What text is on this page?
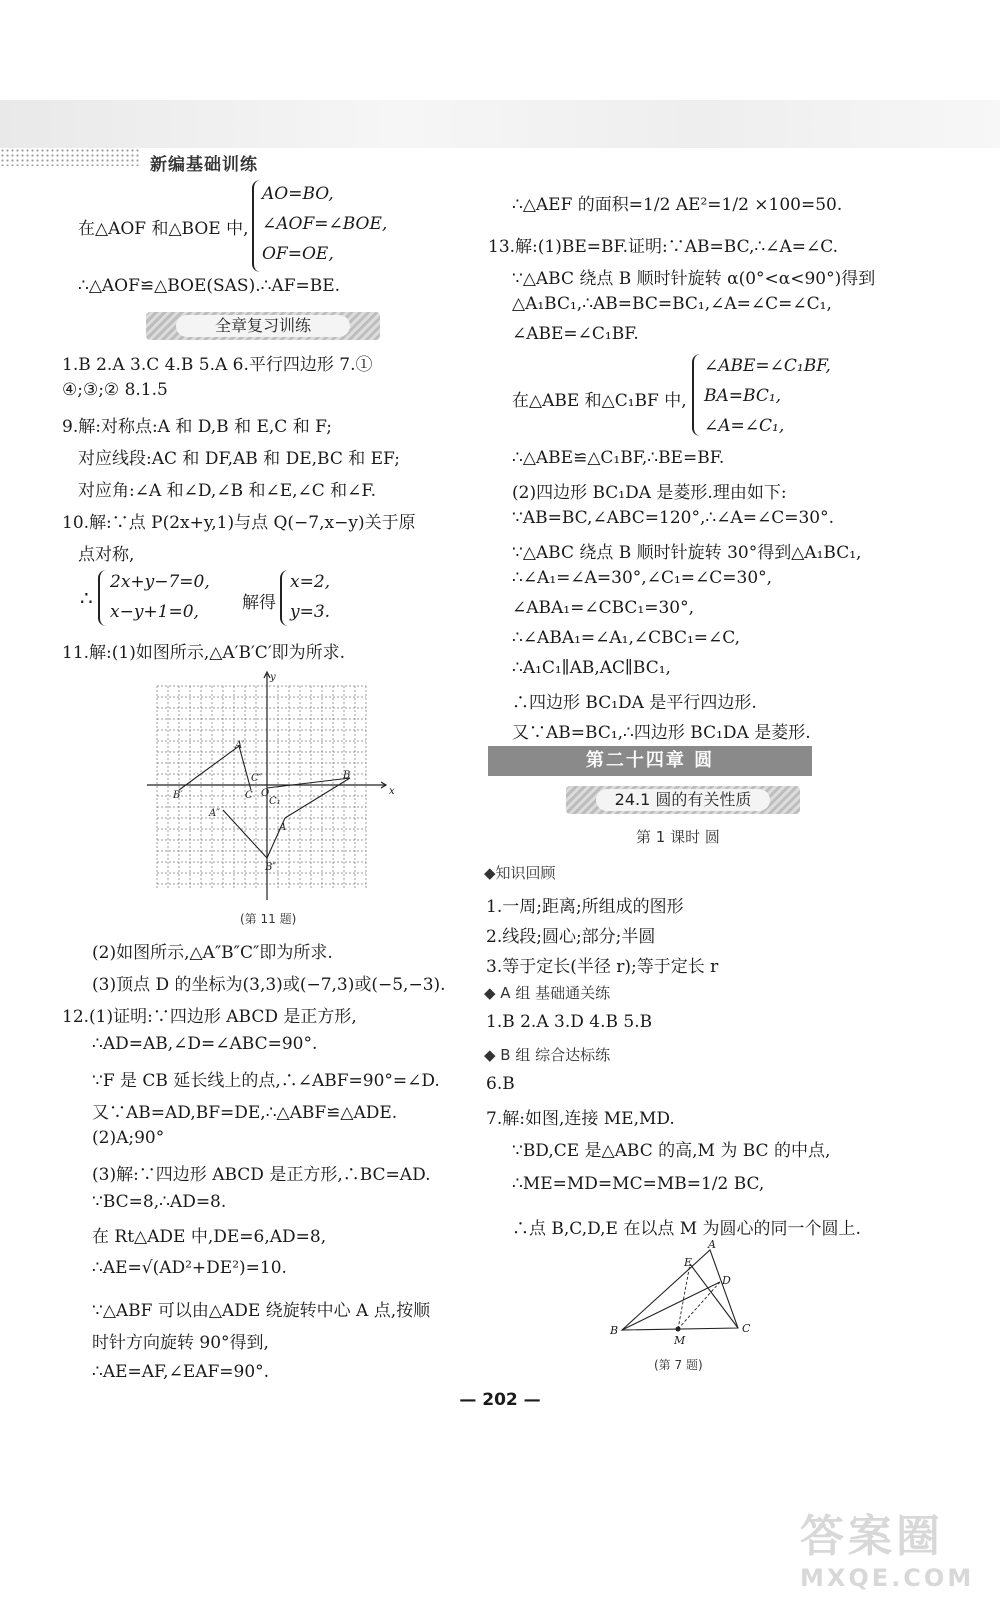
新编基础训练
AO=BO,
在△AOF 和△BOE 中, ∠AOF=∠BOE,
OF=OE,
∴△AOF≌△BOE(SAS).∴AF=BE.
全章复习训练
1.B 2.A 3.C 4.B 5.A 6.平行四边形 7.①
④;③;② 8.1.5
9.解:对称点:A 和 D,B 和 E,C 和 F;
对应线段:AC 和 DF,AB 和 DE,BC 和 EF;
对应角:∠A 和∠D,∠B 和∠E,∠C 和∠F.
10.解:∵点 P(2x+y,1)与点 Q(−7,x−y)关于原
点对称,
∴
2x+y−7=0,
x−y+1=0,	解得
x=2,
y=3.
11.解:(1)如图所示,△A′B′C′即为所求.
x
y
B′
A′
C O
C″
A″
B″
A
B
C₁
(第 11 题)
(2)如图所示,△A″B″C″即为所求.
(3)顶点 D 的坐标为(3,3)或(−7,3)或(−5,−3).
12.(1)证明:∵四边形 ABCD 是正方形,
∴AD=AB,∠D=∠ABC=90°.
∵F 是 CB 延长线上的点,∴∠ABF=90°=∠D.
又∵AB=AD,BF=DE,∴△ABF≌△ADE.
(2)A;90°
(3)解:∵四边形 ABCD 是正方形,∴BC=AD.
∵BC=8,∴AD=8.
在 Rt△ADE 中,DE=6,AD=8,
∴AE=√(AD²+DE²)=10.
∵△ABF 可以由△ADE 绕旋转中心 A 点,按顺
时针方向旋转 90°得到,
∴AE=AF,∠EAF=90°.
∴△AEF 的面积=1/2 AE²=1/2 ×100=50.
13.解:(1)BE=BF.证明:∵AB=BC,∴∠A=∠C.
∵△ABC 绕点 B 顺时针旋转 α(0°<α<90°)得到
△A₁BC₁,∴AB=BC=BC₁,∠A=∠C=∠C₁,
∠ABE=∠C₁BF.
在△ABE 和△C₁BF 中,
∠ABE=∠C₁BF,
BA=BC₁,
∠A=∠C₁,
∴△ABE≌△C₁BF,∴BE=BF.
(2)四边形 BC₁DA 是菱形.理由如下:
∵AB=BC,∠ABC=120°,∴∠A=∠C=30°.
∵△ABC 绕点 B 顺时针旋转 30°得到△A₁BC₁,
∴∠A₁=∠A=30°,∠C₁=∠C=30°,
∠ABA₁=∠CBC₁=30°,
∴∠ABA₁=∠A₁,∠CBC₁=∠C,
∴A₁C₁∥AB,AC∥BC₁,
∴四边形 BC₁DA 是平行四边形.
又∵AB=BC₁,∴四边形 BC₁DA 是菱形.
第二十四章 圆
24.1 圆的有关性质
第 1 课时 圆
◆知识回顾
1.一周;距离;所组成的图形
2.线段;圆心;部分;半圆
3.等于定长(半径 r);等于定长 r
◆ A 组 基础通关练
1.B 2.A 3.D 4.B 5.B
◆ B 组 综合达标练
6.B
7.解:如图,连接 ME,MD.
∵BD,CE 是△ABC 的高,M 为 BC 的中点,
∴ME=MD=MC=MB=1/2 BC,
∴点 B,C,D,E 在以点 M 为圆心的同一个圆上.
B
A
C
E
D
M
(第 7 题)
— 202 —
答案圈
MXQE.COM
